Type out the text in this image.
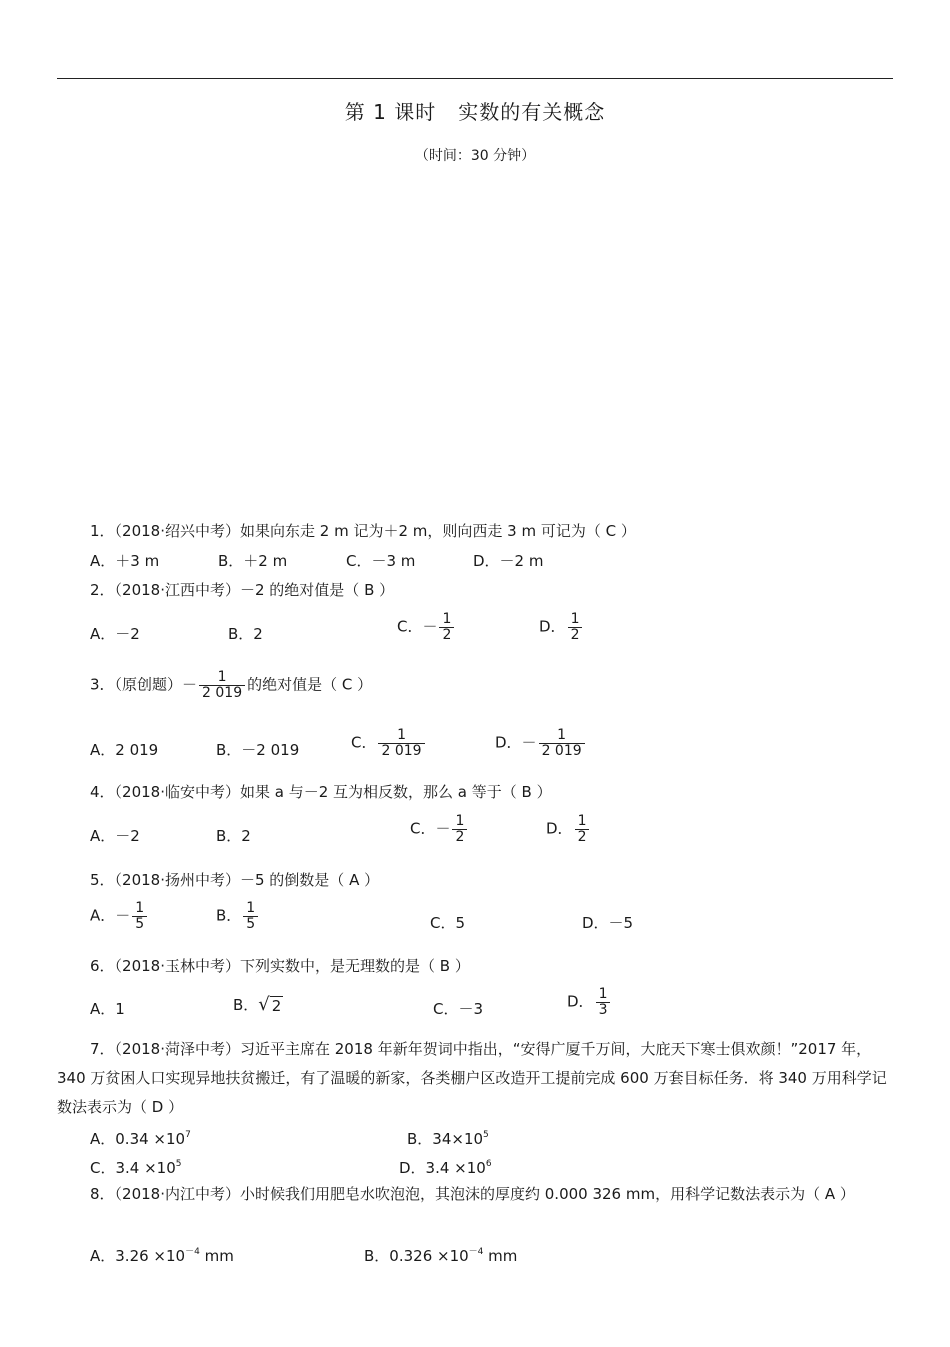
第 1 课时 实数的有关概念
（时间：30 分钟）
1．（2018·绍兴中考）如果向东走 2 m 记为＋2 m，则向西走 3 m 可记为（ C ）
A．＋3 m	B．＋2 m	C．－3 m	D．－2 m
2．（2018·江西中考）－2 的绝对值是（ B ）
A．－2	B．2	C．－ $\frac{1}{2}$	D． $\frac{1}{2}$
3．（原创题）－ $\frac{1}{2 019}$ 的绝对值是（ C ）
A．2 019	B．－2 019	C． $\frac{1}{2 019}$	D．－ $\frac{1}{2 019}$
4．（2018·临安中考）如果 a 与－2 互为相反数，那么 a 等于（ B ）
A．－2	B．2	C．－ $\frac{1}{2}$	D． $\frac{1}{2}$
5．（2018·扬州中考）－5 的倒数是（ A ）
A．－ $\frac{1}{5}$	B． $\frac{1}{5}$	C．5	D．－5
6．（2018·玉林中考）下列实数中，是无理数的是（ B ）
A．1	B． √ 2	C．－3	D． $\frac{1}{3}$
7．（2018·菏泽中考）习近平主席在 2018 年新年贺词中指出，“安得广厦千万间，大庇天下寒士俱欢颜！”2017 年，340 万贫困人口实现异地扶贫搬迁，有了温暖的新家，各类棚户区改造开工提前完成 600 万套目标任务．将 340 万用科学记数法表示为（ D ）
A．$0.34 \times 10^7$	B．$34\times 10^5$
C．$3.4 \times 10^5$	D．$3.4 \times 10^6$
8．（2018·内江中考）小时候我们用肥皂水吹泡泡，其泡沫的厚度约 0.000 326 mm，用科学记数法表示为（ A ）
A．$3.26 \times 10^{-4}$ mm	B．$0.326 \times 10^{-4}$ mm
